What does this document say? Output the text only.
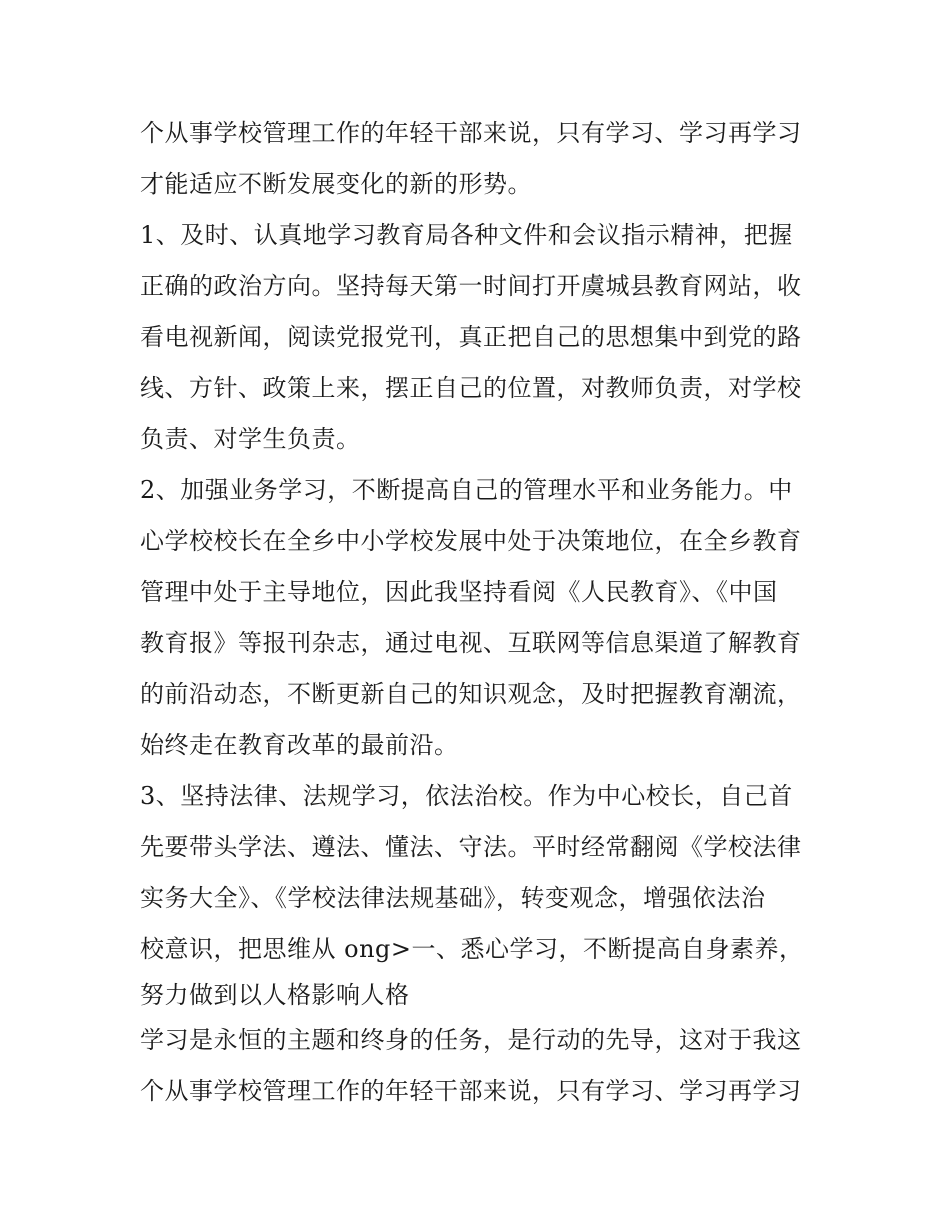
个从事学校管理工作的年轻干部来说，只有学习、学习再学习
才能适应不断发展变化的新的形势。
1、及时、认真地学习教育局各种文件和会议指示精神，把握
正确的政治方向。坚持每天第一时间打开虞城县教育网站，收
看电视新闻，阅读党报党刊，真正把自己的思想集中到党的路
线、方针、政策上来，摆正自己的位置，对教师负责，对学校
负责、对学生负责。
2、加强业务学习，不断提高自己的管理水平和业务能力。中
心学校校长在全乡中小学校发展中处于决策地位，在全乡教育
管理中处于主导地位，因此我坚持看阅《人民教育》、《中国
教育报》等报刊杂志，通过电视、互联网等信息渠道了解教育
的前沿动态，不断更新自己的知识观念，及时把握教育潮流，
始终走在教育改革的最前沿。
3、坚持法律、法规学习，依法治校。作为中心校长，自己首
先要带头学法、遵法、懂法、守法。平时经常翻阅《学校法律
实务大全》、《学校法律法规基础》，转变观念，增强依法治
校意识，把思维从 ong>一、悉心学习，不断提高自身素养，
努力做到以人格影响人格
学习是永恒的主题和终身的任务，是行动的先导，这对于我这
个从事学校管理工作的年轻干部来说，只有学习、学习再学习
